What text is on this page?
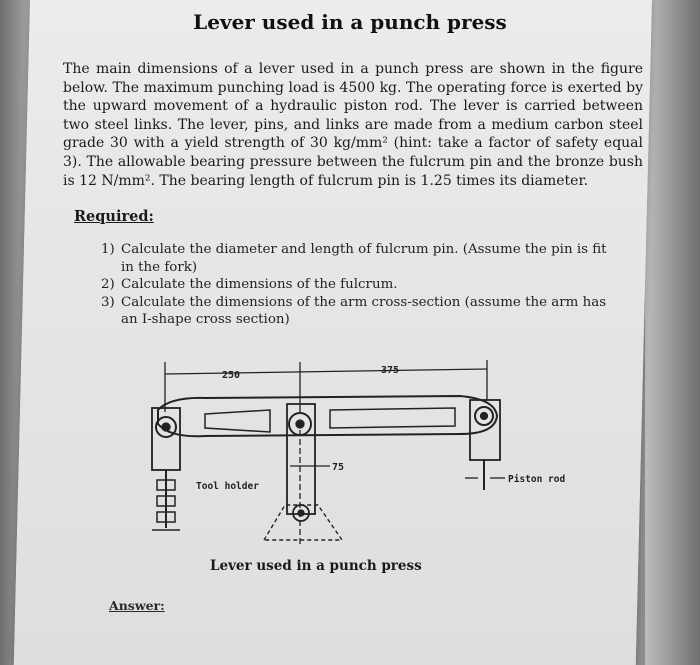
Lever used in a punch press
The main dimensions of a lever used in a punch press are shown in the figure below. The maximum punching load is 4500 kg. The operating force is exerted by the upward movement of a hydraulic piston rod. The lever is carried between two steel links. The lever, pins, and links are made from a medium carbon steel grade 30 with a yield strength of 30 kg/mm² (hint: take a factor of safety equal 3). The allowable bearing pressure between the fulcrum pin and the bronze bush is 12 N/mm². The bearing length of fulcrum pin is 1.25 times its diameter.
Required:
1) Calculate the diameter and length of fulcrum pin. (Assume the pin is fit in the fork)
2) Calculate the dimensions of the fulcrum.
3) Calculate the dimensions of the arm cross-section (assume the arm has an I-shape cross section)
250	375
75
Tool holder
Piston rod
Lever used in a punch press
Answer:
